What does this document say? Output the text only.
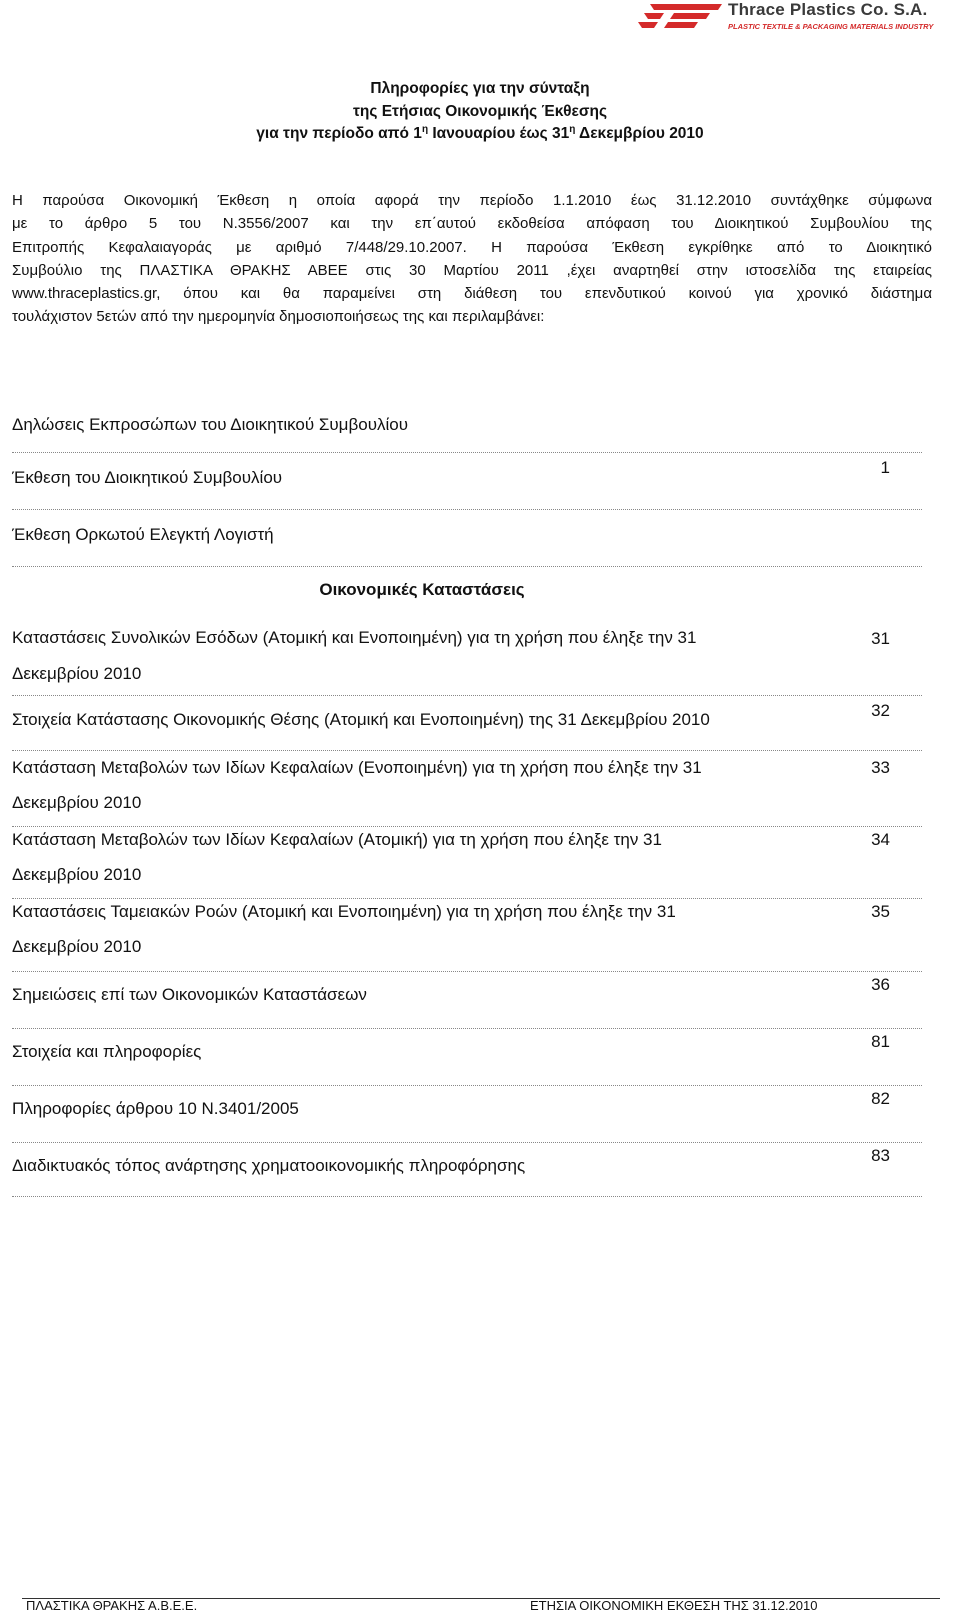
Thrace Plastics Co. S.A.
PLASTIC TEXTILE & PACKAGING MATERIALS INDUSTRY
Πληροφορίες για την σύνταξη
της Ετήσιας Οικονομικής Έκθεσης
για την περίοδο από $1^\eta$ Ιανουαρίου έως $31^\eta$ Δεκεμβρίου 2010
Η παρούσα Οικονομική Έκθεση η οποία αφορά την περίοδο 1.1.2010 έως 31.12.2010 συντάχθηκε σύμφωνα
με το άρθρο 5 του Ν.3556/2007 και την επ΄αυτού εκδοθείσα απόφαση του Διοικητικού Συμβουλίου της
Επιτροπής Κεφαλαιαγοράς με αριθμό 7/448/29.10.2007. Η παρούσα Έκθεση εγκρίθηκε από το Διοικητικό
Συμβούλιο της ΠΛΑΣΤΙΚΑ ΘΡΑΚΗΣ ΑΒΕΕ στις 30 Μαρτίου 2011 ,έχει αναρτηθεί στην ιστοσελίδα της εταιρείας
www.thraceplastics.gr, όπου και θα παραμείνει στη διάθεση του επενδυτικού κοινού για χρονικό διάστημα
τουλάχιστον 5ετών από την ημερομηνία δημοσιοποιήσεως της και περιλαμβάνει:
Δηλώσεις Εκπροσώπων του Διοικητικού Συμβουλίου
Έκθεση του Διοικητικού Συμβουλίου
1
Έκθεση Ορκωτού Ελεγκτή Λογιστή
Οικονομικές Καταστάσεις
Καταστάσεις Συνολικών Εσόδων (Ατομική και Ενοποιημένη) για τη χρήση που έληξε την 31
Δεκεμβρίου 2010
31
Στοιχεία Κατάστασης Οικονομικής Θέσης (Ατομική και Ενοποιημένη) της 31 Δεκεμβρίου 2010	32
Κατάσταση Μεταβολών των Ιδίων Κεφαλαίων (Ενοποιημένη) για τη χρήση που έληξε την 31
Δεκεμβρίου 2010
33
Κατάσταση Μεταβολών των Ιδίων Κεφαλαίων (Ατομική) για τη χρήση που έληξε την 31
Δεκεμβρίου 2010
34
Καταστάσεις Ταμειακών Ροών (Ατομική και Ενοποιημένη) για τη χρήση που έληξε την 31
Δεκεμβρίου 2010
35
Σημειώσεις επί των Οικονομικών Καταστάσεων
36
Στοιχεία και πληροφορίες
81
Πληροφορίες άρθρου 10 Ν.3401/2005
82
Διαδικτυακός τόπος ανάρτησης χρηματοοικονομικής πληροφόρησης
83
ΠΛΑΣΤΙΚΑ ΘΡΑΚΗΣ Α.Β.Ε.Ε.	ΕΤΗΣΙΑ ΟΙΚΟΝΟΜΙΚΗ ΕΚΘΕΣΗ ΤΗΣ 31.12.2010
